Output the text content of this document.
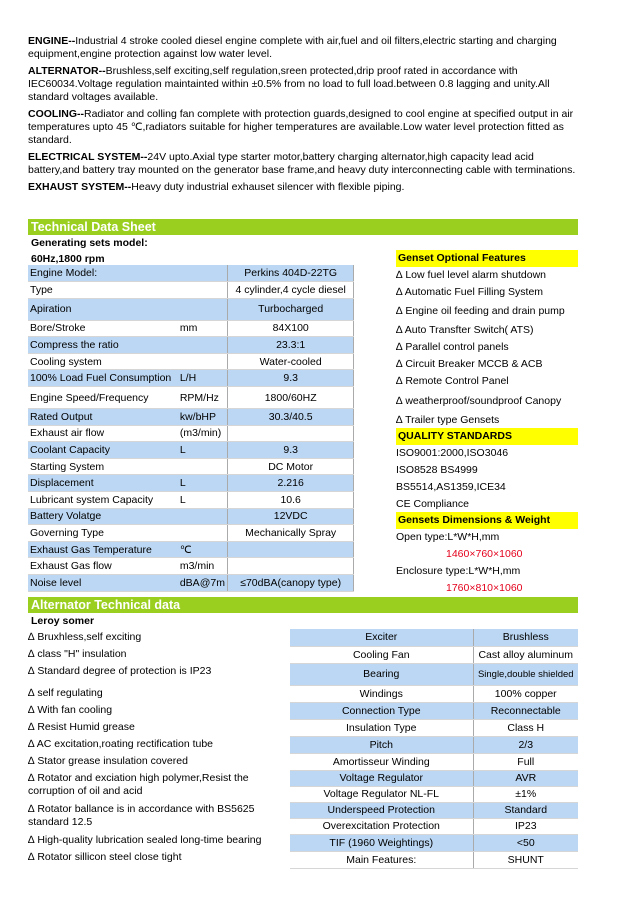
ENGINE--Industrial 4 stroke cooled diesel engine complete with air,fuel and oil filters,electric starting and charging equipment,engine protection against low water level.
ALTERNATOR--Brushless,self exciting,self regulation,sreen protected,drip proof rated in accordance with IEC60034.Voltage regulation maintainted within ±0.5% from no load to full load.between 0.8 lagging and unity.All standard voltages available.
COOLING--Radiator and colling fan complete with protection guards,designed to cool engine at specified output in air temperatures upto 45 ℃,radiators suitable for higher temperatures are available.Low water level protection fitted as standard.
ELECTRICAL SYSTEM--24V upto.Axial type starter motor,battery charging alternator,high capacity lead acid battery,and battery tray mounted on the generator base frame,and heavy duty interconnecting cable with terminations.
EXHAUST SYSTEM--Heavy duty industrial exhauset silencer with flexible piping.
Technical Data Sheet
Generating sets model:
60Hz,1800 rpm
Engine Model:		Perkins 404D-22TG
Type		4 cylinder,4 cycle diesel
Apiration		Turbocharged
Bore/Stroke	mm	84X100
Compress the ratio		23.3:1
Cooling system		Water-cooled
100% Load Fuel Consumption	L/H	9.3
Engine Speed/Frequency	RPM/Hz	1800/60HZ
Rated Output	kw/bHP	30.3/40.5
Exhaust air flow	(m3/min)	
Coolant Capacity	L	9.3
Starting System		DC Motor
Displacement	L	2.216
Lubricant system Capacity	L	10.6
Battery Volatge		12VDC
Governing Type		Mechanically Spray
Exhaust Gas Temperature	℃	
Exhaust Gas flow	m3/min	
Noise level	dBA@7m	≤70dBA(canopy type)
Genset Optional Features
∆ Low fuel level alarm shutdown
∆ Automatic Fuel Filling System
∆ Engine oil feeding and drain pump
∆ Auto Transfter Switch( ATS)
∆ Parallel control panels
∆ Circuit Breaker MCCB & ACB
∆ Remote Control Panel
∆ weatherproof/soundproof Canopy
∆ Trailer type Gensets
QUALITY STANDARDS
ISO9001:2000,ISO3046
ISO8528 BS4999
BS5514,AS1359,ICE34
CE Compliance
Gensets Dimensions & Weight
Open type:L*W*H,mm
1460×760×1060
Enclosure type:L*W*H,mm
1760×810×1060
Alternator Technical data
Leroy somer
∆ Bruxhless,self exciting
∆ class "H" insulation
∆ Standard degree of protection is IP23
∆ self regulating
∆ With fan cooling
∆ Resist Humid grease
∆ AC excitation,roating rectification tube
∆ Stator grease insulation covered
∆ Rotator and exciation high polymer,Resist the corruption of oil and acid
∆ Rotator ballance is in accordance with BS5625 standard 12.5
∆ High-quality lubrication sealed long-time bearing
∆ Rotator sillicon steel close tight
Exciter	Brushless
Cooling Fan	Cast alloy aluminum
Bearing	Single,double shielded
Windings	100% copper
Connection Type	Reconnectable
Insulation Type	Class H
Pitch	2/3
Amortisseur Winding	Full
Voltage Regulator	AVR
Voltage Regulator NL-FL	±1%
Underspeed Protection	Standard
Overexcitation Protection	IP23
TIF (1960 Weightings)	<50
Main Features:	SHUNT
